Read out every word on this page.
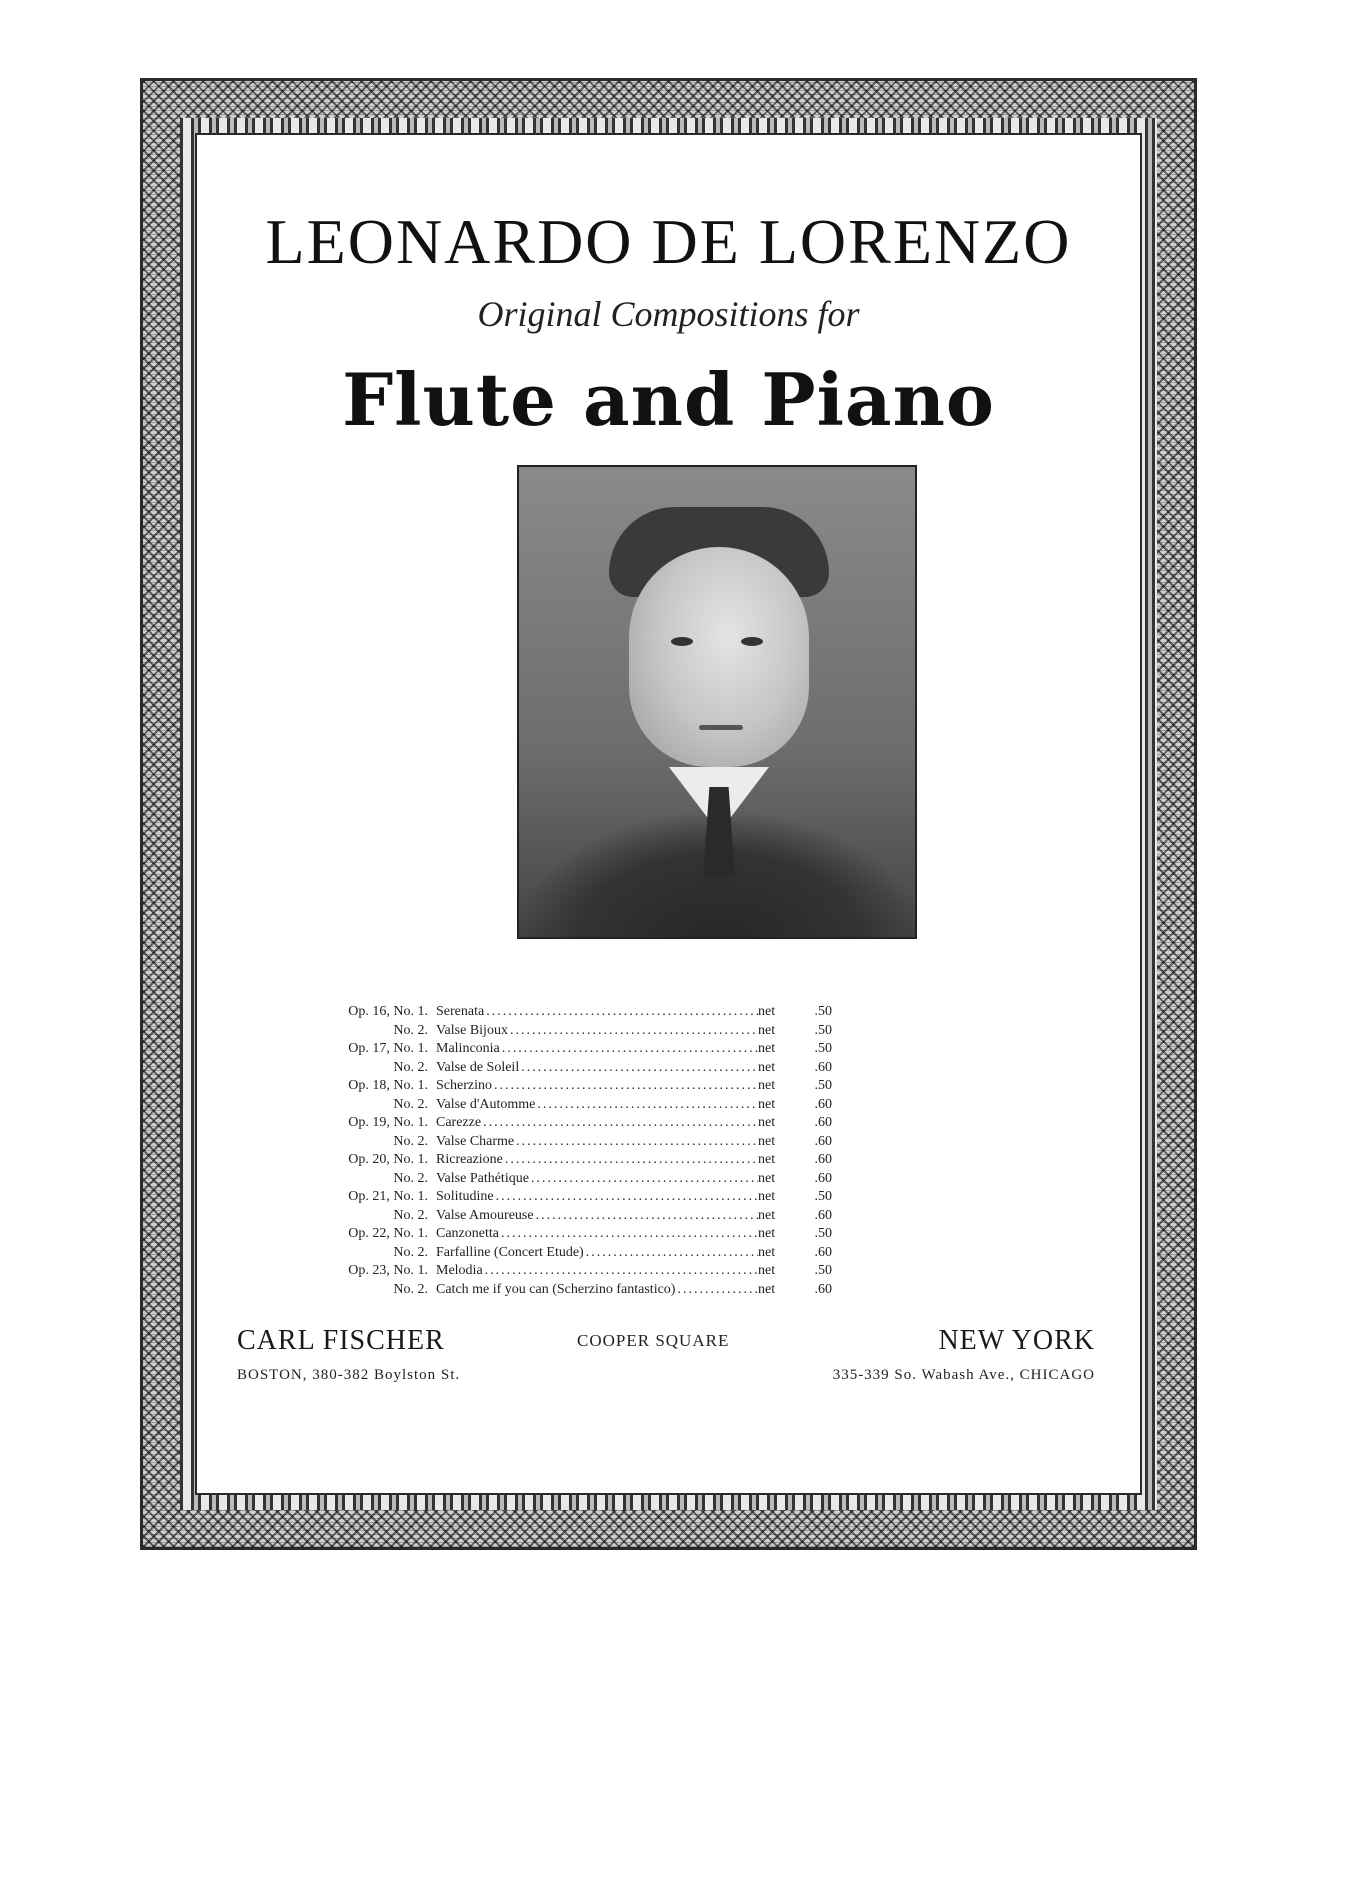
LEONARDO DE LORENZO
Original Compositions for
Flute and Piano
Op. 16, No. 1. Serenata .....	net	.50
No. 2. Valse Bijoux .....	net	.50
Op. 17, No. 1. Malinconia .....	net	.50
No. 2. Valse de Soleil .....	net	.60
Op. 18, No. 1. Scherzino .....	net	.50
No. 2. Valse d'Automme .....	net	.60
Op. 19, No. 1. Carezze .....	net	.60
No. 2. Valse Charme .....	net	.60
Op. 20, No. 1. Ricreazione .....	net	.60
No. 2. Valse Pathétique .....	net	.60
Op. 21, No. 1. Solitudine .....	net	.50
No. 2. Valse Amoureuse .....	net	.60
Op. 22, No. 1. Canzonetta .....	net	.50
No. 2. Farfalline (Concert Etude) .....	net	.60
Op. 23, No. 1. Melodia .....	net	.50
No. 2. Catch me if you can (Scherzino fantastico) .....	net	.60
CARL FISCHER	COOPER SQUARE	NEW YORK
BOSTON, 380-382 Boylston St.	335-339 So. Wabash Ave., CHICAGO
